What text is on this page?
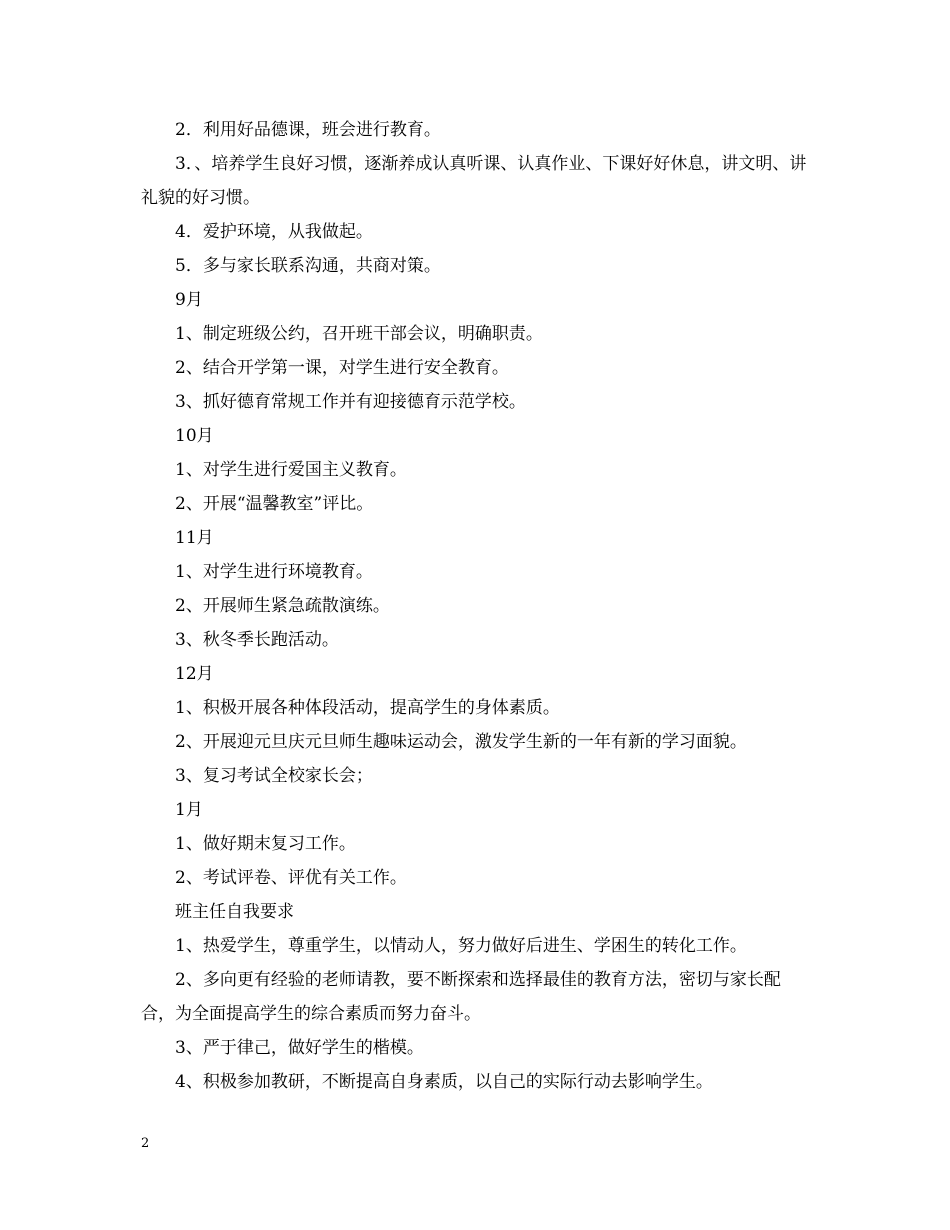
2．利用好品德课，班会进行教育。

3．、培养学生良好习惯，逐渐养成认真听课、认真作业、下课好好休息，讲文明、讲礼貌的好习惯。

4．爱护环境，从我做起。

5．多与家长联系沟通，共商对策。

9月

1、制定班级公约，召开班干部会议，明确职责。

2、结合开学第一课，对学生进行安全教育。

3、抓好德育常规工作并有迎接德育示范学校。

10月

1、对学生进行爱国主义教育。

2、开展“温馨教室”评比。

11月

1、对学生进行环境教育。

2、开展师生紧急疏散演练。

3、秋冬季长跑活动。

12月

1、积极开展各种体段活动，提高学生的身体素质。

2、开展迎元旦庆元旦师生趣味运动会，激发学生新的一年有新的学习面貌。

3、复习考试全校家长会；

1月

1、做好期末复习工作。

2、考试评卷、评优有关工作。

班主任自我要求

1、热爱学生，尊重学生，以情动人，努力做好后进生、学困生的转化工作。

2、多向更有经验的老师请教，要不断探索和选择最佳的教育方法，密切与家长配合，为全面提高学生的综合素质而努力奋斗。

3、严于律己，做好学生的楷模。

4、积极参加教研，不断提高自身素质，以自己的实际行动去影响学生。

2
